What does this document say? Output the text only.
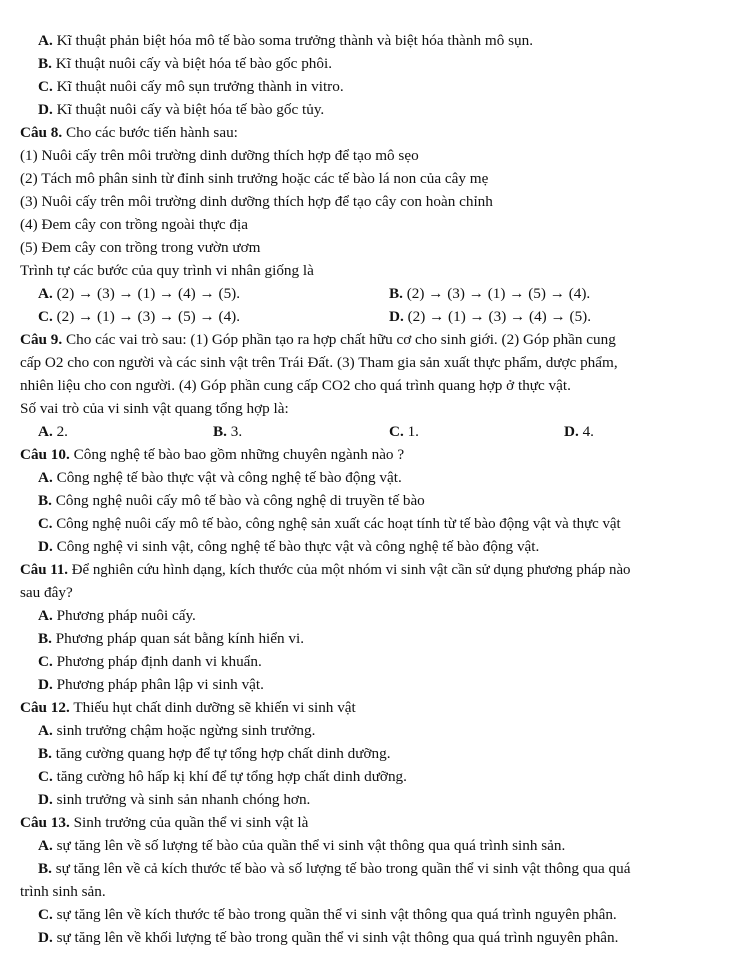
A. Kĩ thuật phản biệt hóa mô tế bào soma trưởng thành và biệt hóa thành mô sụn.
B. Kĩ thuật nuôi cấy và biệt hóa tế bào gốc phôi.
C. Kĩ thuật nuôi cấy mô sụn trưởng thành in vitro.
D. Kĩ thuật nuôi cấy và biệt hóa tế bào gốc tủy.
Câu 8. Cho các bước tiến hành sau:
(1) Nuôi cấy trên môi trường dinh dưỡng thích hợp để tạo mô sẹo
(2) Tách mô phân sinh từ đỉnh sinh trưởng hoặc các tế bào lá non của cây mẹ
(3) Nuôi cấy trên môi trường dinh dưỡng thích hợp để tạo cây con hoàn chỉnh
(4) Đem cây con trồng ngoài thực địa
(5) Đem cây con trồng trong vườn ươm
Trình tự các bước của quy trình vi nhân giống là
A. (2) → (3) → (1) → (4) → (5).	B. (2) → (3) → (1) → (5) → (4).
C. (2) → (1) → (3) → (5) → (4).	D. (2) → (1) → (3) → (4) → (5).
Câu 9. Cho các vai trò sau: (1) Góp phần tạo ra hợp chất hữu cơ cho sinh giới. (2) Góp phần cung
cấp O2 cho con người và các sinh vật trên Trái Đất. (3) Tham gia sản xuất thực phẩm, dược phẩm,
nhiên liệu cho con người. (4) Góp phần cung cấp CO2 cho quá trình quang hợp ở thực vật.
Số vai trò của vi sinh vật quang tổng hợp là:
A. 2.	B. 3.	C. 1.	D. 4.
Câu 10. Công nghệ tế bào bao gồm những chuyên ngành nào ?
A. Công nghệ tế bào thực vật và công nghệ tế bào động vật.
B. Công nghệ nuôi cấy mô tế bào và công nghệ di truyền tế bào
C. Công nghệ nuôi cấy mô tế bào, công nghệ sản xuất các hoạt tính từ tế bào động vật và thực vật
D. Công nghệ vi sinh vật, công nghệ tế bào thực vật và công nghệ tế bào động vật.
Câu 11. Để nghiên cứu hình dạng, kích thước của một nhóm vi sinh vật cần sử dụng phương pháp nào
sau đây?
A. Phương pháp nuôi cấy.
B. Phương pháp quan sát bằng kính hiển vi.
C. Phương pháp định danh vi khuẩn.
D. Phương pháp phân lập vi sinh vật.
Câu 12. Thiếu hụt chất dinh dưỡng sẽ khiến vi sinh vật
A. sinh trưởng chậm hoặc ngừng sinh trưởng.
B. tăng cường quang hợp để tự tổng hợp chất dinh dưỡng.
C. tăng cường hô hấp kị khí để tự tổng hợp chất dinh dưỡng.
D. sinh trưởng và sinh sản nhanh chóng hơn.
Câu 13. Sinh trưởng của quần thể vi sinh vật là
A. sự tăng lên về số lượng tế bào của quần thể vi sinh vật thông qua quá trình sinh sản.
B. sự tăng lên về cả kích thước tế bào và số lượng tế bào trong quần thể vi sinh vật thông qua quá
trình sinh sản.
C. sự tăng lên về kích thước tế bào trong quần thể vi sinh vật thông qua quá trình nguyên phân.
D. sự tăng lên về khối lượng tế bào trong quần thể vi sinh vật thông qua quá trình nguyên phân.
